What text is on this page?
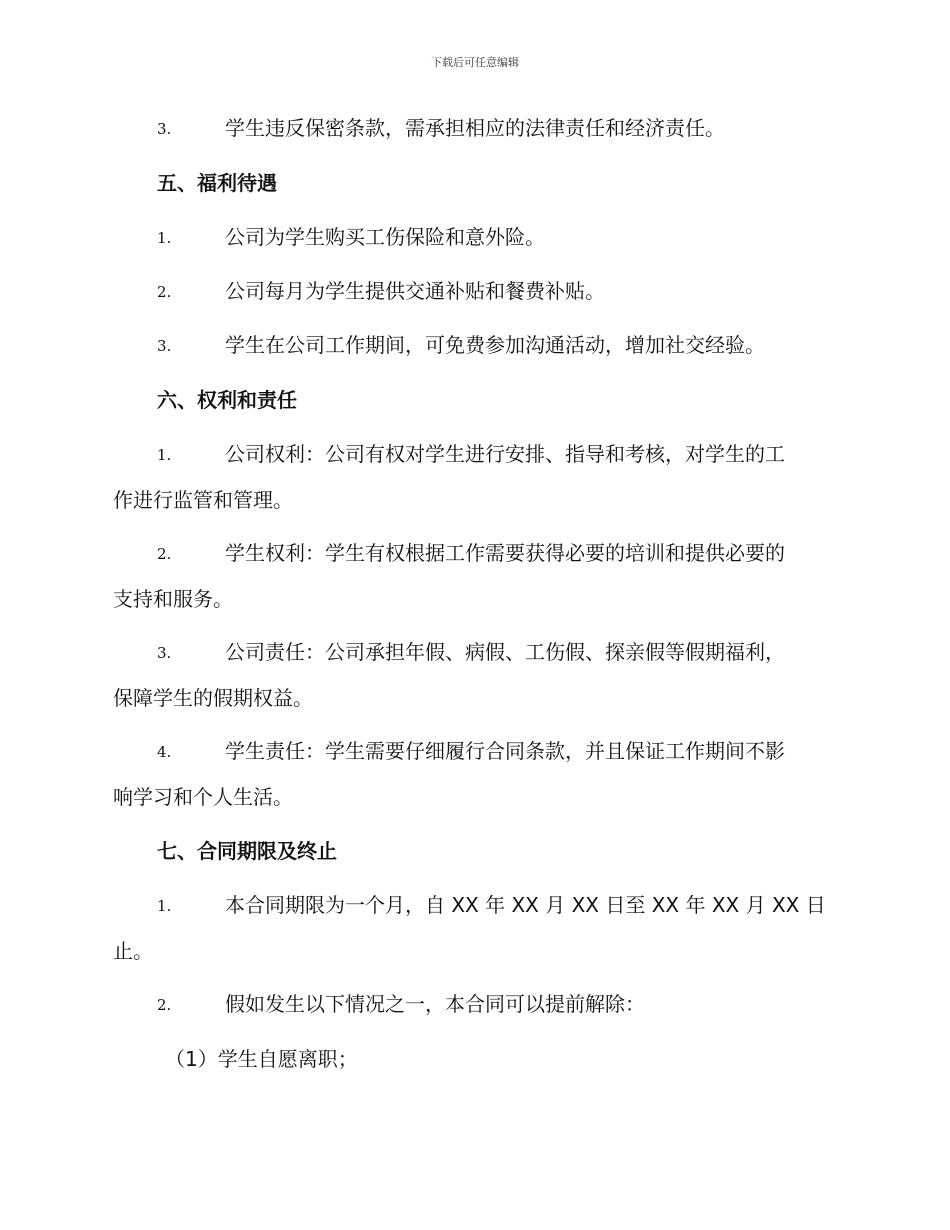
下载后可任意编辑
3.	学生违反保密条款，需承担相应的法律责任和经济责任。
五、福利待遇
1.	公司为学生购买工伤保险和意外险。
2.	公司每月为学生提供交通补贴和餐费补贴。
3.	学生在公司工作期间，可免费参加沟通活动，增加社交经验。
六、权利和责任
1.	公司权利：公司有权对学生进行安排、指导和考核，对学生的工
作进行监管和管理。
2.	学生权利：学生有权根据工作需要获得必要的培训和提供必要的
支持和服务。
3.	公司责任：公司承担年假、病假、工伤假、探亲假等假期福利，
保障学生的假期权益。
4.	学生责任：学生需要仔细履行合同条款，并且保证工作期间不影
响学习和个人生活。
七、合同期限及终止
1.	本合同期限为一个月，自 XX 年 XX 月 XX 日至 XX 年 XX 月 XX 日
止。
2.	假如发生以下情况之一，本合同可以提前解除：
（1）学生自愿离职；
